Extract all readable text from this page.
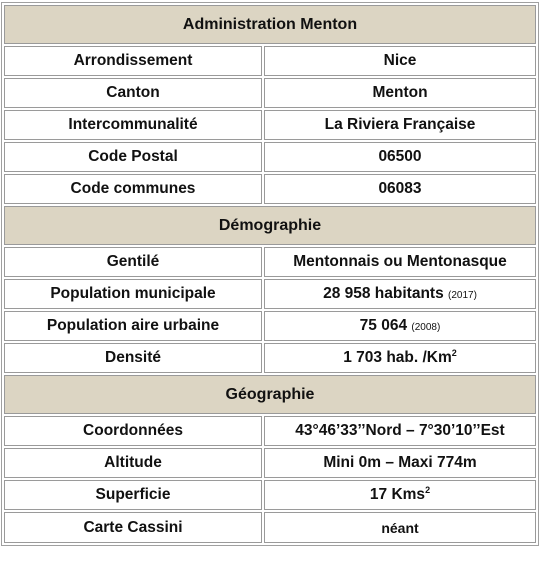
Administration Menton	
Arrondissement	Nice
Canton	Menton
Intercommunalité	La Riviera Française
Code Postal	06500
Code communes	06083
Démographie	
Gentilé	Mentonnais ou Mentonasque
Population municipale	28 958 habitants (2017)
Population aire urbaine	75 064 (2008)
Densité	1 703 hab. /Km$^2$
Géographie	
Coordonnées	43°46’33’’Nord – 7°30’10’’Est
Altitude	Mini 0m – Maxi 774m
Superficie	17 Kms$^2$
Carte Cassini	néant
